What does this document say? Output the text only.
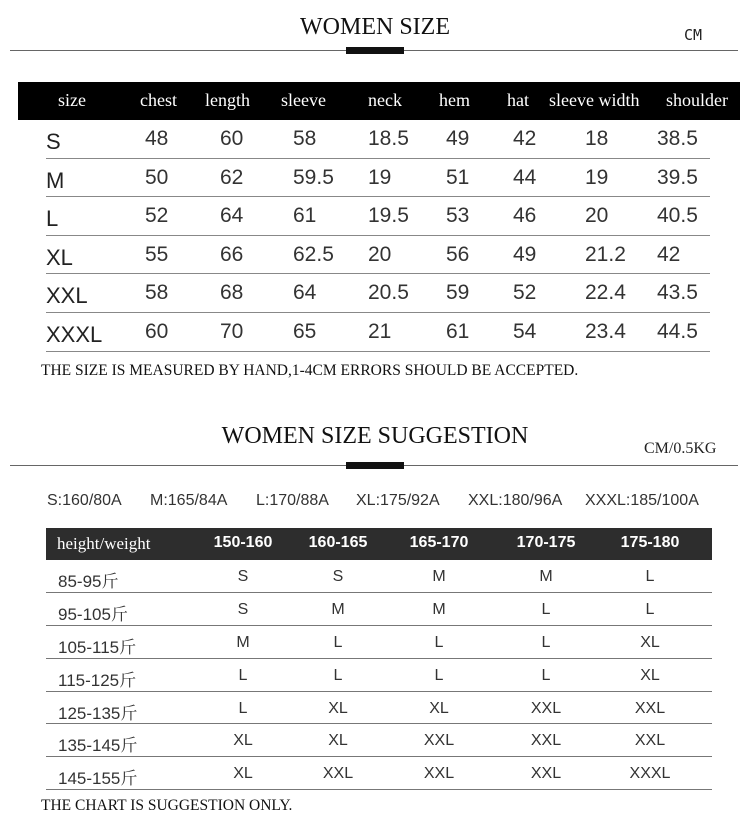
WOMEN SIZE	CM
size	chest length sleeve neck hem hat sleeve width shoulder
S	48 60 58 18.5 49 42 18 38.5
M	50 62 59.5 19	51 44 19 39.5
L	52 64 61 19.5 53 46 20 40.5
XL	55 66 62.5 20	56 49 21.2 42
XXL	58 68 64 20.5 59 52 22.4 43.5
XXXL 60 70 65 21	61 54 23.4 44.5
THE SIZE IS MEASURED BY HAND,1-4CM ERRORS SHOULD BE ACCEPTED.
WOMEN SIZE SUGGESTION	CM/0.5KG
S:160/80A M:165/84A L:170/88A XL:175/92A XXL:180/96A XXXL:185/100A
height/weight	150-160 160-165	165-170	170-175	175-180
85-95斤	S	S	M	M	L
95-105斤	S	M	M	L	L
105-115斤	M	L	L	L	XL
115-125斤	L	L	L	L	XL
125-135斤	L	XL	XL	XXL	XXL
135-145斤	XL	XL	XXL	XXL	XXL
145-155斤	XL	XXL	XXL	XXL	XXXL
THE CHART IS SUGGESTION ONLY.
